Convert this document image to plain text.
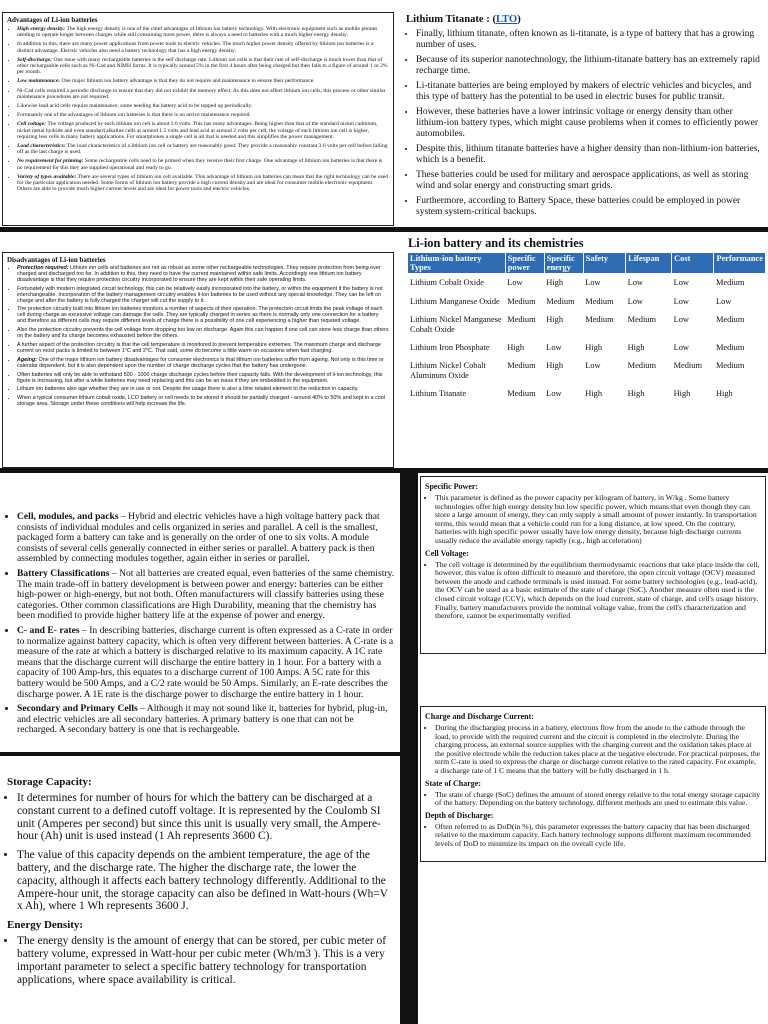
Advantages of Li-ion batteries
• High energy density: The high energy density is one of the chief advantages of lithium ion battery technology. With electronic equipment such as mobile phones needing to operate longer between charges while still consuming more power, there is always a need to batteries with a much higher energy density.
• In addition to this, there are many power applications from power tools to electric vehicles. The much higher power density offered by lithium ion batteries is a distinct advantage. Electric vehicles also need a battery technology that has a high energy density.
• Self-discharge: One issue with many rechargeable batteries is the self discharge rate. Lithium ion cells is that their rate of self-discharge is much lower than that of other rechargeable cells such as Ni-Cad and NiMH forms. It is typically around 5% in the first 4 hours after being charged but then falls to a figure of around 1 or 2% per month.
• Low maintenance: One major lithium ion battery advantage is that they do not require and maintenance to ensure their performance.
• Ni-Cad cells required a periodic discharge to ensure that they did not exhibit the memory effect. As this does not affect lithium ion cells, this process or other similar maintenance procedures are not required.
• Likewise lead acid cells require maintenance, some needing the battery acid to be topped up periodically.
• Fortunately one of the advantages of lithium ion batteries is that there is no active maintenance required.
• Cell voltage: The voltage produced by each lithium ion cell is about 3.6 volts. This has many advantages. Being higher than that of the standard nickel cadmium, nickel metal hydride and even standard alkaline cells at around 1.5 volts and lead acid at around 2 volts per cell, the voltage of each lithium ion cell is higher, requiring less cells in many battery applications. For smartphones a single cell is all that is needed and this simplifies the power management.
• Load characteristics: The load characteristics of a lithium ion cell or battery are reasonably good. They provide a reasonably constant 3.6 volts per cell before falling off as the last charge is used.
• No requirement for priming: Some rechargeable cells need to be primed when they receive their first charge. One advantage of lithium ion batteries is that there is no requirement for this they are supplied operational and ready to go.
• Variety of types available: There are several types of lithium ion cell available. This advantage of lithium ion batteries can mean that the right technology can be used for the particular application needed. Some forms of lithium ion battery provide a high current density and are ideal for consumer mobile electronic equipment. Others are able to provide much higher current levels and are ideal for power tools and electric vehicles.
Lithium Titanate : (LTO)
• Finally, lithium titanate, often known as li-titanate, is a type of battery that has a growing number of uses.
• Because of its superior nanotechnology, the lithium-titanate battery has an extremely rapid recharge time.
• Li-titanate batteries are being employed by makers of electric vehicles and bicycles, and this type of battery has the potential to be used in electric buses for public transit.
• However, these batteries have a lower intrinsic voltage or energy density than other lithium-ion battery types, which might cause problems when it comes to efficiently power automobiles.
• Despite this, lithium titanate batteries have a higher density than non-lithium-ion batteries, which is a benefit.
• These batteries could be used for military and aerospace applications, as well as storing wind and solar energy and constructing smart grids.
• Furthermore, according to Battery Space, these batteries could be employed in power system system-critical backups.
Disadvantages of Li-ion batteries
• Protection required: Lithium ion cells and batteries are not as robust as some other rechargeable technologies. They require protection from being over charged and discharged too far. In addition to this, they need to have the current maintained within safe limits. Accordingly one lithium ion battery disadvantage is that they require protection circuitry incorporated to ensure they are kept within their safe operating limits.
• Fortunately with modern integrated circuit technology, this can be relatively easily incorporated into the battery, or within the equipment if the battery is not interchangeable. Incorporation of the battery management circuitry enables li-ion batteries to be used without any special knowledge. They can be left on charge and after the battery is fully charged the charger will cut the supply to it.
• The protection circuitry built into lithium ion batteries monitors a number of aspects of their operation. The protection circuit limits the peak voltage of each cell during charge as excessive voltage can damage the cells. They are typically charged in series as there is normally only one connection for a battery and therefore as different cells may require different levels of charge there is a possibility of one cell experiencing a higher than required voltage.
• Also the protection circuitry prevents the cell voltage from dropping too low on discharge. Again this can happen if one cell can store less charge than others on the battery and its charge becomes exhausted before the others.
• A further aspect of the protection circuitry is that the cell temperature is monitored to prevent temperature extremes. The maximum charge and discharge current on most packs is limited to between 1°C and 2°C. That said, some do become a little warm on occasions when fast charging.
• Ageing: One of the major lithium ion battery disadvantages for consumer electronics is that lithium ion batteries suffer from ageing. Not only is this time or calendar dependent, but it is also dependent upon the number of charge discharge cycles that the battery has undergone.
• Often batteries will only be able to withstand 500 - 1000 charge discharge cycles before their capacity falls. With the development of li-ion technology, this figure is increasing, but after a while batteries may need replacing and this can be an issue if they are embedded in the equipment.
• Lithium ion batteries also age whether they are in use or not. Despite the usage there is also a time related element to the reduction in capacity.
• When a typical consumer lithium cobalt oxide, LCO battery or cell needs to be stored it should be partially charged - around 40% to 50% and kept in a cool storage area. Storage under these conditions will help increase the life.
Li-ion battery and its chemistries
Lithium-ion battery Types	Specific power	Specific energy	Safety	Lifespan	Cost	Performance
Lithium Cobalt Oxide	Low	High	Low	Low	Low	Medium
Lithium Manganese Oxide	Medium	Medium	Medium	Low	Low	Low
Lithium Nickel Manganese Cobalt Oxide	Medium	High	Medium	Medium	Low	Medium
Lithium Iron Phosphate	High	Low	High	High	Low	Medium
Lithium Nickel Cobalt Aluminum Oxide	Medium	High	Low	Medium	Medium	Medium
Lithium Titanate	Medium	Low	High	High	High	High
Specific Power:
• This parameter is defined as the power capacity per kilogram of battery, in W/kg . Some battery technologies offer high energy density but low specific power, which means that even though they can store a large amount of energy, they can only supply a small amount of power instantly. In transportation terms, this would mean that a vehicle could run for a long distance, at low speed. On the contrary, batteries with high specific power usually have low energy density, because high discharge currents usually reduce the available energy rapidly (e.g., high acceleration)
Cell Voltage:
• The cell voltage is determined by the equilibrium thermodynamic reactions that take place inside the cell, however, this value is often difficult to measure and therefore, the open circuit voltage (OCV) measured between the anode and cathode terminals is used instead. For some battery technologies (e.g., lead-acid), the OCV can be used as a basic estimate of the state of charge (SoC). Another measure often used is the closed circuit voltage (CCV), which depends on the load current, state of charge, and cell's usage history. Finally, battery manufacturers provide the nominal voltage value, from the cell's characterization and therefore, cannot be experimentally verified
• Cell, modules, and packs – Hybrid and electric vehicles have a high voltage battery pack that consists of individual modules and cells organized in series and parallel. A cell is the smallest, packaged form a battery can take and is generally on the order of one to six volts. A module consists of several cells generally connected in either series or parallel. A battery pack is then assembled by connecting modules together, again either in series or parallel.
• Battery Classifications – Not all batteries are created equal, even batteries of the same chemistry. The main trade-off in battery development is between power and energy: batteries can be either high-power or high-energy, but not both. Often manufacturers will classify batteries using these categories. Other common classifications are High Durability, meaning that the chemistry has been modified to provide higher battery life at the expense of power and energy.
• C- and E- rates – In describing batteries, discharge current is often expressed as a C-rate in order to normalize against battery capacity, which is often very different between batteries. A C-rate is a measure of the rate at which a battery is discharged relative to its maximum capacity. A 1C rate means that the discharge current will discharge the entire battery in 1 hour. For a battery with a capacity of 100 Amp-hrs, this equates to a discharge current of 100 Amps. A 5C rate for this battery would be 500 Amps, and a C/2 rate would be 50 Amps. Similarly, an E-rate describes the discharge power. A 1E rate is the discharge power to discharge the entire battery in 1 hour.
• Secondary and Primary Cells – Although it may not sound like it, batteries for hybrid, plug-in, and electric vehicles are all secondary batteries. A primary battery is one that can not be recharged. A secondary battery is one that is rechargeable.
Charge and Discharge Current:
• During the discharging process in a battery, electrons flow from the anode to the cathode through the load, to provide with the required current and the circuit is completed in the electrolyte. During the charging process, an external source supplies with the charging current and the oxidation takes place at the positive electrode while the reduction takes place at the negative electrode. For practical purposes, the term C-rate is used to express the charge or discharge current relative to the rated capacity. For example, a discharge rate of 1 C means that the battery will be fully discharged in 1 h.
State of Charge:
• The state of charge (SoC) defines the amount of stored energy relative to the total energy storage capacity of the battery. Depending on the battery technology, different methods are used to estimate this value.
Depth of Discharge:
• Often referred to as DoD(in %), this parameter expresses the battery capacity that has been discharged relative to the maximum capacity. Each battery technology supports different maximum recommended levels of DoD to minimize its impact on the overall cycle life.
Storage Capacity:
• It determines for number of hours for which the battery can be discharged at a constant current to a defined cutoff voltage. It is represented by the Coulomb SI unit (Amperes per second) but since this unit is usually very small, the Ampere-hour (Ah) unit is used instead (1 Ah represents 3600 C).
• The value of this capacity depends on the ambient temperature, the age of the battery, and the discharge rate. The higher the discharge rate, the lower the capacity, although it affects each battery technology differently. Additional to the Ampere-hour unit, the storage capacity can also be defined in Watt-hours (Wh=V x Ah), where 1 Wh represents 3600 J.
Energy Density:
• The energy density is the amount of energy that can be stored, per cubic meter of battery volume, expressed in Watt-hour per cubic meter (Wh/m3 ). This is a very important parameter to select a specific battery technology for transportation applications, where space availability is critical.
